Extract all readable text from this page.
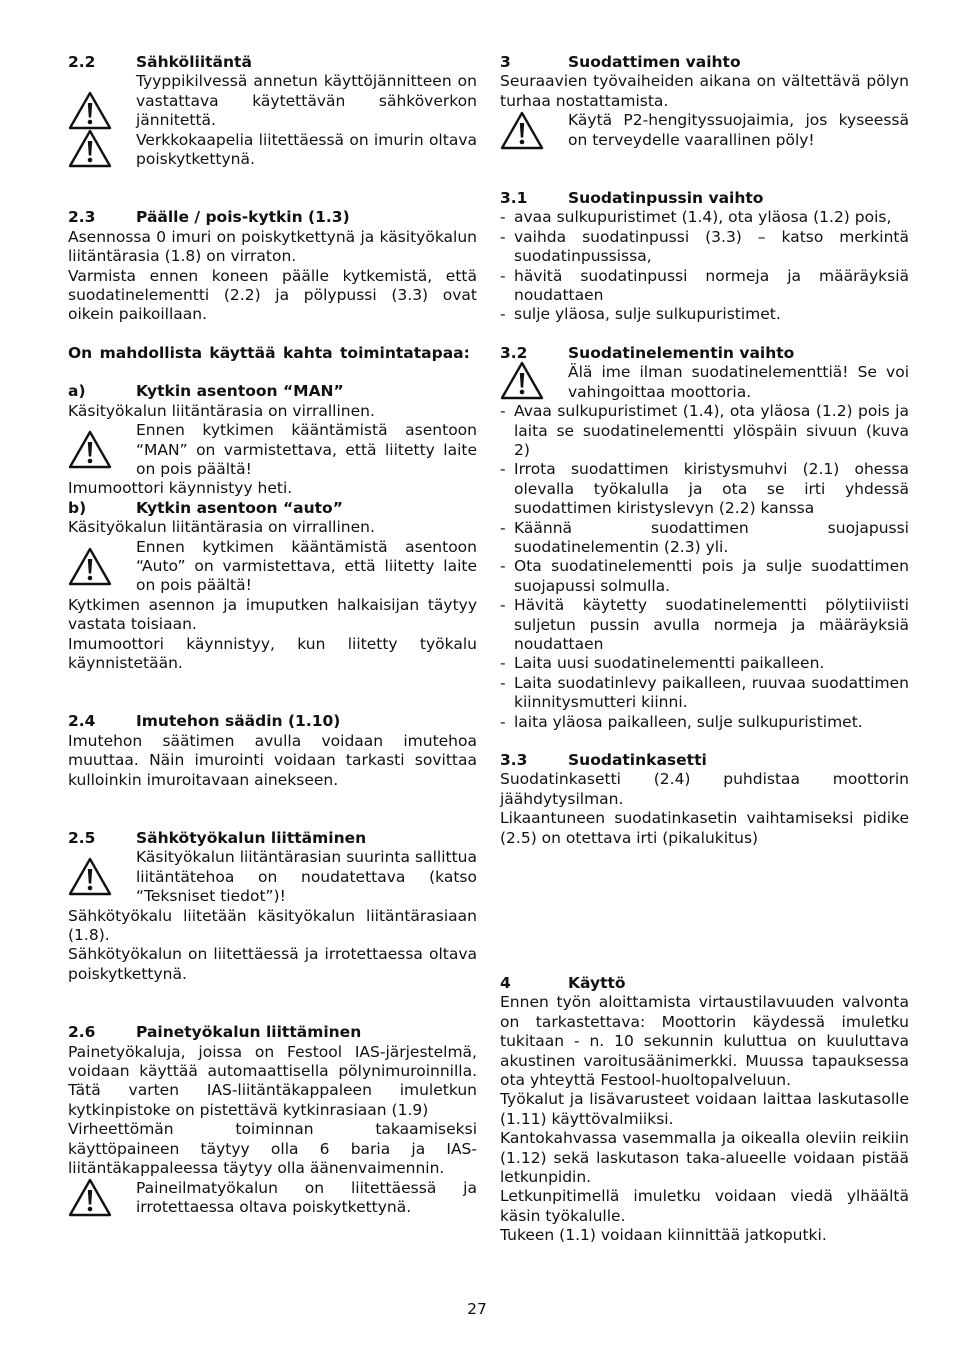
2.2	Sähköliitäntä

Tyyppikilvessä annetun käyttöjännitteen on vastattava käytettävän sähköverkon jännitettä.

Verkkokaapelia liitettäessä on imurin oltava poiskytkettynä.

2.3	Päälle / pois-kytkin (1.3)

Asennossa 0 imuri on poiskytkettynä ja käsityökalun liitäntärasia (1.8) on virraton.

Varmista ennen koneen päälle kytkemistä, että suodatinelementti (2.2) ja pölypussi (3.3) ovat oikein paikoillaan.

On mahdollista käyttää kahta toimintatapaa:

a)	Kytkin asentoon “MAN”

Käsityökalun liitäntärasia on virrallinen.

Ennen kytkimen kääntämistä asentoon “MAN” on varmistettava, että liitetty laite on pois päältä!

Imumoottori käynnistyy heti.

b)	Kytkin asentoon “auto”

Käsityökalun liitäntärasia on virrallinen.

Ennen kytkimen kääntämistä asentoon “Auto” on varmistettava, että liitetty laite on pois päältä!

Kytkimen asennon ja imuputken halkaisijan täytyy vastata toisiaan.

Imumoottori käynnistyy, kun liitetty työkalu käynnistetään.

2.4	Imutehon säädin (1.10)

Imutehon säätimen avulla voidaan imutehoa muuttaa. Näin imurointi voidaan tarkasti sovittaa kulloinkin imuroitavaan ainekseen.

2.5	Sähkötyökalun liittäminen

Käsityökalun liitäntärasian suurinta sallittua liitäntätehoa on noudatettava (katso “Teksniset tiedot”)!

Sähkötyökalu liitetään käsityökalun liitäntärasiaan (1.8).

Sähkötyökalun on liitettäessä ja irrotettaessa oltava poiskytkettynä.

2.6	Painetyökalun liittäminen

Painetyökaluja, joissa on Festool IAS-järjestelmä, voidaan käyttää automaattisella pölynimuroinnilla. Tätä varten IAS-liitäntäkappaleen imuletkun kytkinpistoke on pistettävä kytkinrasiaan (1.9)

Virheettömän toiminnan takaamiseksi käyttöpaineen täytyy olla 6 baria ja IAS-liitäntäkappaleessa täytyy olla äänenvaimennin.

Paineilmatyökalun on liitettäessä ja irrotettaessa oltava poiskytkettynä.

3	Suodattimen vaihto

Seuraavien työvaiheiden aikana on vältettävä pölyn turhaa nostattamista.

Käytä P2-hengityssuojaimia, jos kyseessä on terveydelle vaarallinen pöly!

3.1	Suodatinpussin vaihto
- avaa sulkupuristimet (1.4), ota yläosa (1.2) pois,
- vaihda suodatinpussi (3.3) – katso merkintä suodatinpussissa,
- hävitä suodatinpussi normeja ja määräyksiä noudattaen
- sulje yläosa, sulje sulkupuristimet.
3.2	Suodatinelementin vaihto

Älä ime ilman suodatinelementtiä! Se voi vahingoittaa moottoria.

- Avaa sulkupuristimet (1.4), ota yläosa (1.2) pois ja laita se suodatinelementti ylöspäin sivuun (kuva 2)
- Irrota suodattimen kiristysmuhvi (2.1) ohessa olevalla työkalulla ja ota se irti yhdessä suodattimen kiristyslevyn (2.2) kanssa
- Käännä suodattimen suojapussi suodatinelementin (2.3) yli.
- Ota suodatinelementti pois ja sulje suodattimen suojapussi solmulla.
- Hävitä käytetty suodatinelementti pölytiiviisti suljetun pussin avulla normeja ja määräyksiä noudattaen
- Laita uusi suodatinelementti paikalleen.
- Laita suodatinlevy paikalleen, ruuvaa suodattimen kiinnitysmutteri kiinni.
- laita yläosa paikalleen, sulje sulkupuristimet.
3.3	Suodatinkasetti

Suodatinkasetti (2.4) puhdistaa moottorin jäähdytysilman.

Likaantuneen suodatinkasetin vaihtamiseksi pidike (2.5) on otettava irti (pikalukitus)

4	Käyttö

Ennen työn aloittamista virtaustilavuuden valvonta on tarkastettava: Moottorin käydessä imuletku tukitaan - n. 10 sekunnin kuluttua on kuuluttava akustinen varoitusäänimerkki. Muussa tapauksessa ota yhteyttä Festool-huoltopalveluun.

Työkalut ja lisävarusteet voidaan laittaa laskutasolle (1.11) käyttövalmiiksi.

Kantokahvassa vasemmalla ja oikealla oleviin reikiin (1.12) sekä laskutason taka-alueelle voidaan pistää letkunpidin.

Letkunpitimellä imuletku voidaan viedä ylhäältä käsin työkalulle.

Tukeen (1.1) voidaan kiinnittää jatkoputki.

27
